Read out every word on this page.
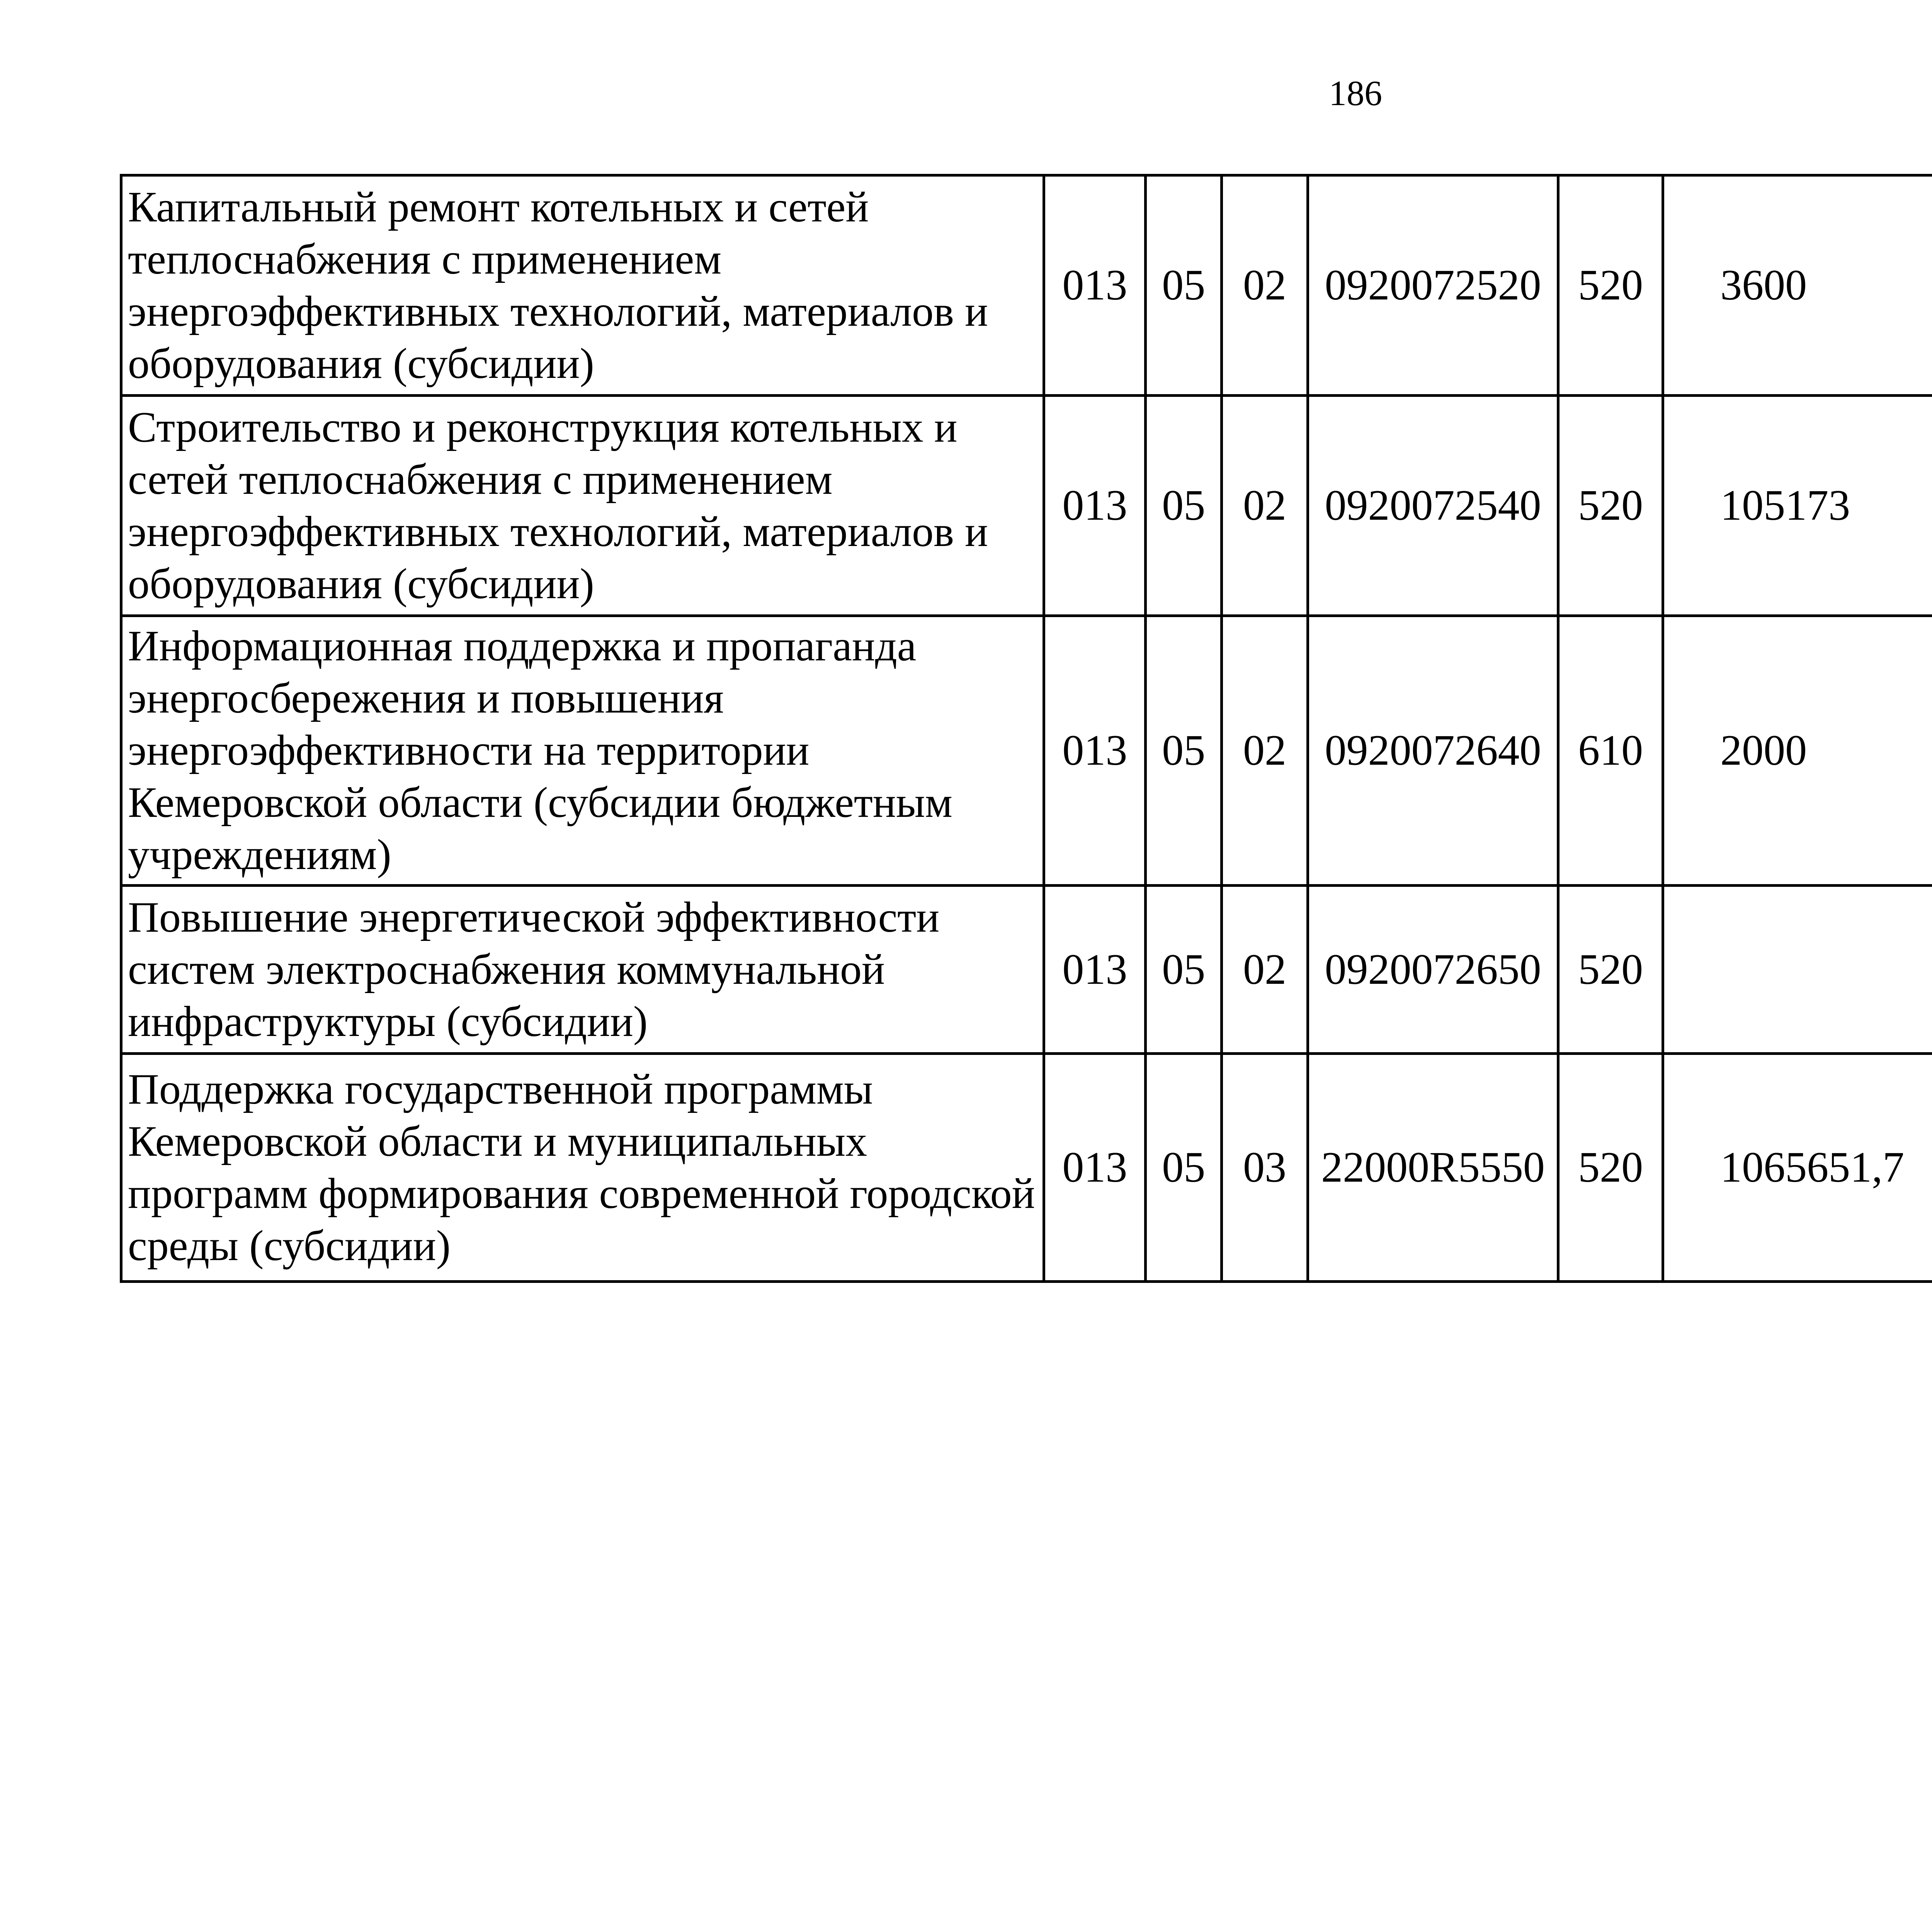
186
Капитальный ремонт котельных и сетей теплоснабжения с применением энергоэффективных технологий, материалов и оборудования (субсидии)	013	05	02	0920072520	520	3600		
Строительство и реконструкция котельных и сетей теплоснабжения с применением энергоэффективных технологий, материалов и оборудования (субсидии)	013	05	02	0920072540	520	105173		
Информационная поддержка и пропаганда энергосбережения и повышения энергоэффективности на территории Кемеровской области (субсидии бюджетным учреждениям)	013	05	02	0920072640	610	2000		
Повышение энергетической эффективности систем электроснабжения коммунальной инфраструктуры (субсидии)	013	05	02	0920072650	520			
Поддержка государственной программы Кемеровской области и муниципальных программ формирования современной городской среды (субсидии)	013	05	03	22000R5550	520	1065651,7		
